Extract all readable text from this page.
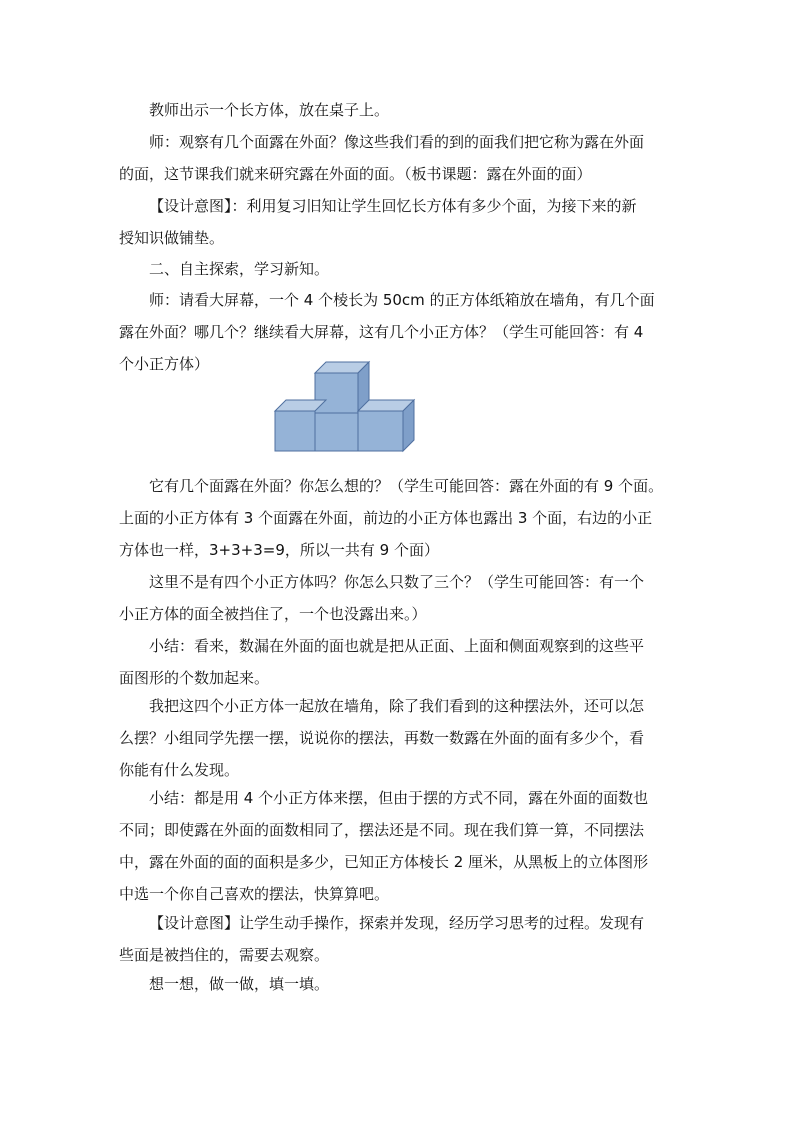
教师出示一个长方体，放在桌子上。

师：观察有几个面露在外面？像这些我们看的到的面我们把它称为露在外面
的面，这节课我们就来研究露在外面的面。（板书课题：露在外面的面）

【设计意图】：利用复习旧知让学生回忆长方体有多少个面，为接下来的新
授知识做铺垫。

二、自主探索，学习新知。

师：请看大屏幕，一个 4 个棱长为 50cm 的正方体纸箱放在墙角，有几个面
露在外面？哪几个？继续看大屏幕，这有几个小正方体？（学生可能回答：有 4
个小正方体）

它有几个面露在外面？你怎么想的？（学生可能回答：露在外面的有 9 个面。
上面的小正方体有 3 个面露在外面，前边的小正方体也露出 3 个面，右边的小正
方体也一样，3+3+3=9，所以一共有 9 个面）

这里不是有四个小正方体吗？你怎么只数了三个？（学生可能回答：有一个
小正方体的面全被挡住了，一个也没露出来。）

小结：看来，数漏在外面的面也就是把从正面、上面和侧面观察到的这些平
面图形的个数加起来。

我把这四个小正方体一起放在墙角，除了我们看到的这种摆法外，还可以怎
么摆？小组同学先摆一摆，说说你的摆法，再数一数露在外面的面有多少个，看
你能有什么发现。

小结：都是用 4 个小正方体来摆，但由于摆的方式不同，露在外面的面数也
不同；即使露在外面的面数相同了，摆法还是不同。现在我们算一算，不同摆法
中，露在外面的面的面积是多少，已知正方体棱长 2 厘米，从黑板上的立体图形
中选一个你自己喜欢的摆法，快算算吧。

【设计意图】让学生动手操作，探索并发现，经历学习思考的过程。发现有
些面是被挡住的，需要去观察。

想一想，做一做，填一填。
